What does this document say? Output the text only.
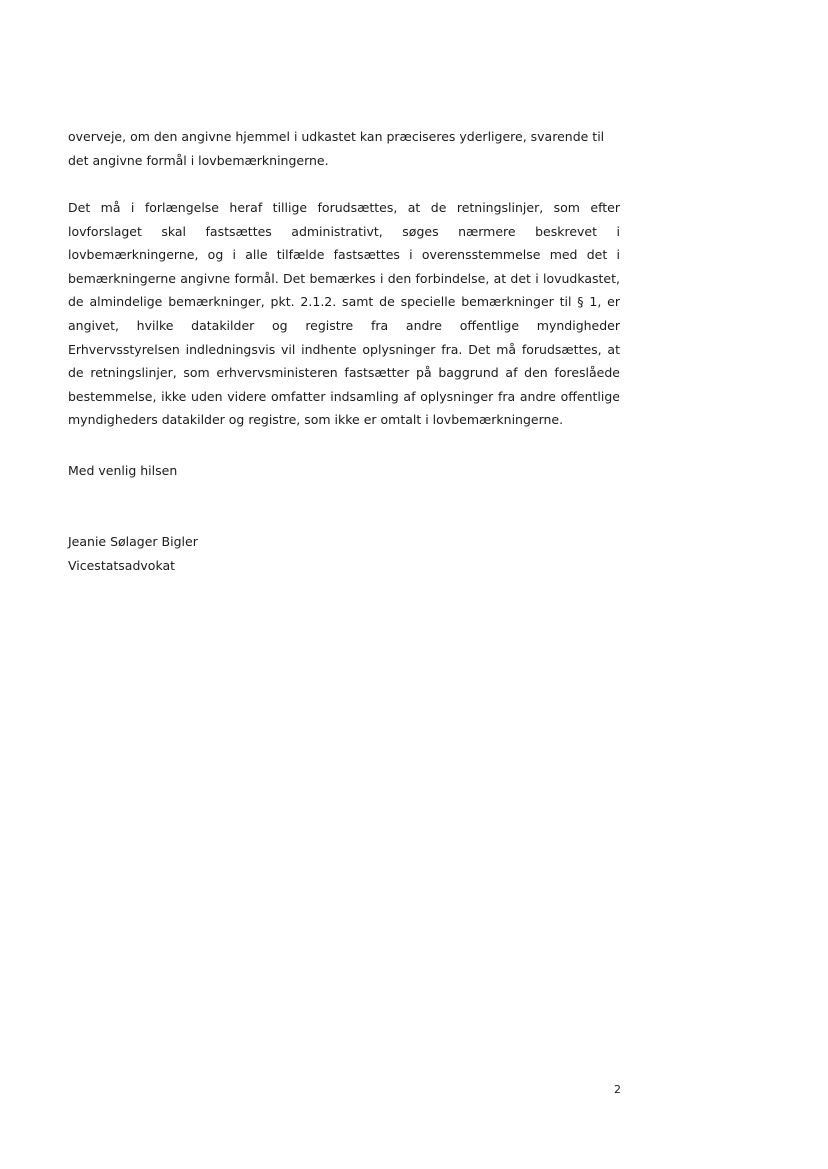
overveje, om den angivne hjemmel i udkastet kan præciseres yderligere, svarende til det angivne formål i lovbemærkningerne.

Det må i forlængelse heraf tillige forudsættes, at de retningslinjer, som efter lovforslaget skal fastsættes administrativt, søges nærmere beskrevet i lovbemærkningerne, og i alle tilfælde fastsættes i overensstemmelse med det i bemærkningerne angivne formål. Det bemærkes i den forbindelse, at det i lovudkastet, de almindelige bemærkninger, pkt. 2.1.2. samt de specielle bemærkninger til § 1, er angivet, hvilke datakilder og registre fra andre offentlige myndigheder Erhvervsstyrelsen indledningsvis vil indhente oplysninger fra. Det må forudsættes, at de retningslinjer, som erhvervsministeren fastsætter på baggrund af den foreslåede bestemmelse, ikke uden videre omfatter indsamling af oplysninger fra andre offentlige myndigheders datakilder og registre, som ikke er omtalt i lovbemærkningerne.

Med venlig hilsen

Jeanie Sølager Bigler

Vicestatsadvokat

2
